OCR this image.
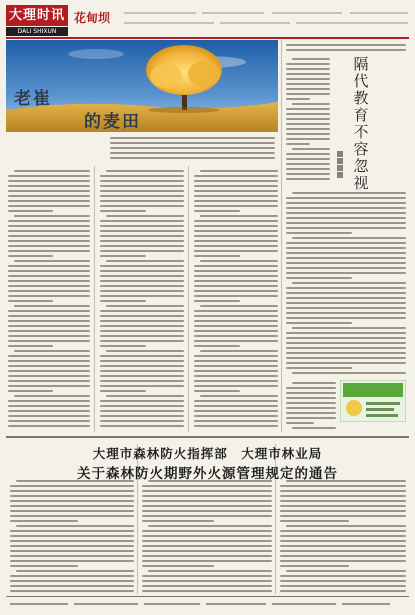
大理时讯
DALI SHIXUN
花甸坝
老崔
的麦田
隔代教育不容忽视
大理市森林防火指挥部　大理市林业局
关于森林防火期野外火源管理规定的通告
